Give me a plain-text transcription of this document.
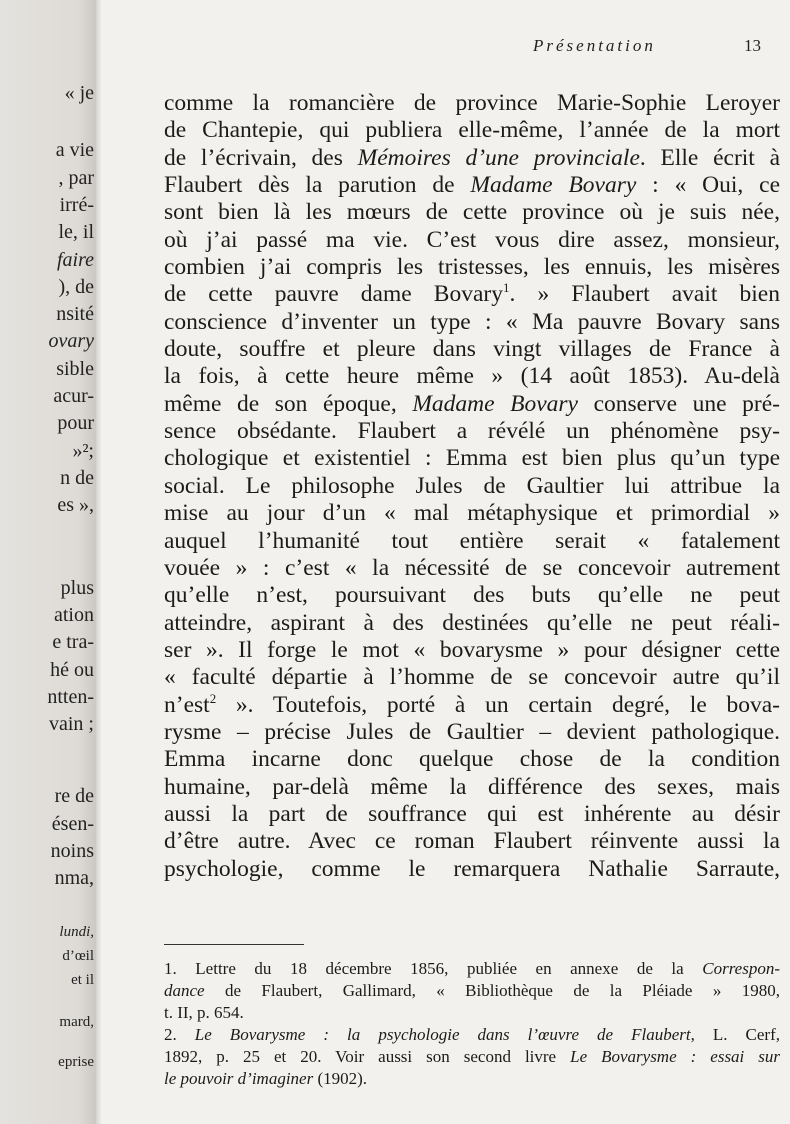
« je
a vie
, par
irré-
le, il
faire
), de
nsité
ovary
sible
acur-
pour
»²;
n de
es »,
plus
ation
e tra-
hé ou
ntten-
vain ;
re de
ésen-
noins
nma,
lundi,
d’œil
et il
mard,
eprise
Présentation	13
comme la romancière de province Marie-Sophie Leroyer
de Chantepie, qui publiera elle-même, l’année de la mort
de l’écrivain, des Mémoires d’une provinciale. Elle écrit à
Flaubert dès la parution de Madame Bovary : « Oui, ce
sont bien là les mœurs de cette province où je suis née,
où j’ai passé ma vie. C’est vous dire assez, monsieur,
combien j’ai compris les tristesses, les ennuis, les misères
de cette pauvre dame Bovary$^1$. » Flaubert avait bien
conscience d’inventer un type : « Ma pauvre Bovary sans
doute, souffre et pleure dans vingt villages de France à
la fois, à cette heure même » (14 août 1853). Au-delà
même de son époque, Madame Bovary conserve une pré-
sence obsédante. Flaubert a révélé un phénomène psy-
chologique et existentiel : Emma est bien plus qu’un type
social. Le philosophe Jules de Gaultier lui attribue la
mise au jour d’un « mal métaphysique et primordial »
auquel l’humanité tout entière serait « fatalement
vouée » : c’est « la nécessité de se concevoir autrement
qu’elle n’est, poursuivant des buts qu’elle ne peut
atteindre, aspirant à des destinées qu’elle ne peut réali-
ser ». Il forge le mot « bovarysme » pour désigner cette
« faculté départie à l’homme de se concevoir autre qu’il
n’est$^2$ ». Toutefois, porté à un certain degré, le bova-
rysme – précise Jules de Gaultier – devient pathologique.
Emma incarne donc quelque chose de la condition
humaine, par-delà même la différence des sexes, mais
aussi la part de souffrance qui est inhérente au désir
d’être autre. Avec ce roman Flaubert réinvente aussi la
psychologie, comme le remarquera Nathalie Sarraute,
1. Lettre du 18 décembre 1856, publiée en annexe de la Correspon-
dance de Flaubert, Gallimard, « Bibliothèque de la Pléiade » 1980,
t. II, p. 654.
2. Le Bovarysme : la psychologie dans l’œuvre de Flaubert, L. Cerf,
1892, p. 25 et 20. Voir aussi son second livre Le Bovarysme : essai sur
le pouvoir d’imaginer (1902).
